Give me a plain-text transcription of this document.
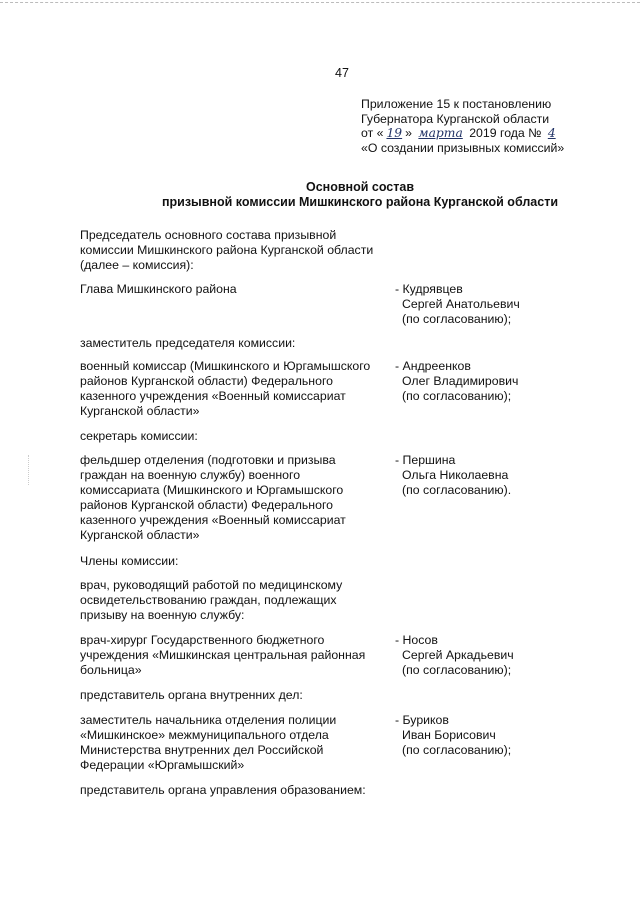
47
Приложение 15 к постановлению
Губернатора Курганской области
от « 19 » марта 2019 года № 4
«О создании призывных комиссий»
Основной состав
призывной комиссии Мишкинского района Курганской области
Председатель основного состава призывной
комиссии Мишкинского района Курганской области
(далее – комиссия):
Глава Мишкинского района	- Кудрявцев
Сергей Анатольевич
(по согласованию);
заместитель председателя комиссии:
военный комиссар (Мишкинского и Юргамышского
районов Курганской области) Федерального
казенного учреждения «Военный комиссариат
Курганской области»
- Андреенков
Олег Владимирович
(по согласованию);
секретарь комиссии:
фельдшер отделения (подготовки и призыва
граждан на военную службу) военного
комиссариата (Мишкинского и Юргамышского
районов Курганской области) Федерального
казенного учреждения «Военный комиссариат
Курганской области»
- Першина
Ольга Николаевна
(по согласованию).
Члены комиссии:
врач, руководящий работой по медицинскому
освидетельствованию граждан, подлежащих
призыву на военную службу:
врач-хирург Государственного бюджетного
учреждения «Мишкинская центральная районная
больница»
- Носов
Сергей Аркадьевич
(по согласованию);
представитель органа внутренних дел:
заместитель начальника отделения полиции
«Мишкинское» межмуниципального отдела
Министерства внутренних дел Российской
Федерации «Юргамышский»
- Буриков
Иван Борисович
(по согласованию);
представитель органа управления образованием:
